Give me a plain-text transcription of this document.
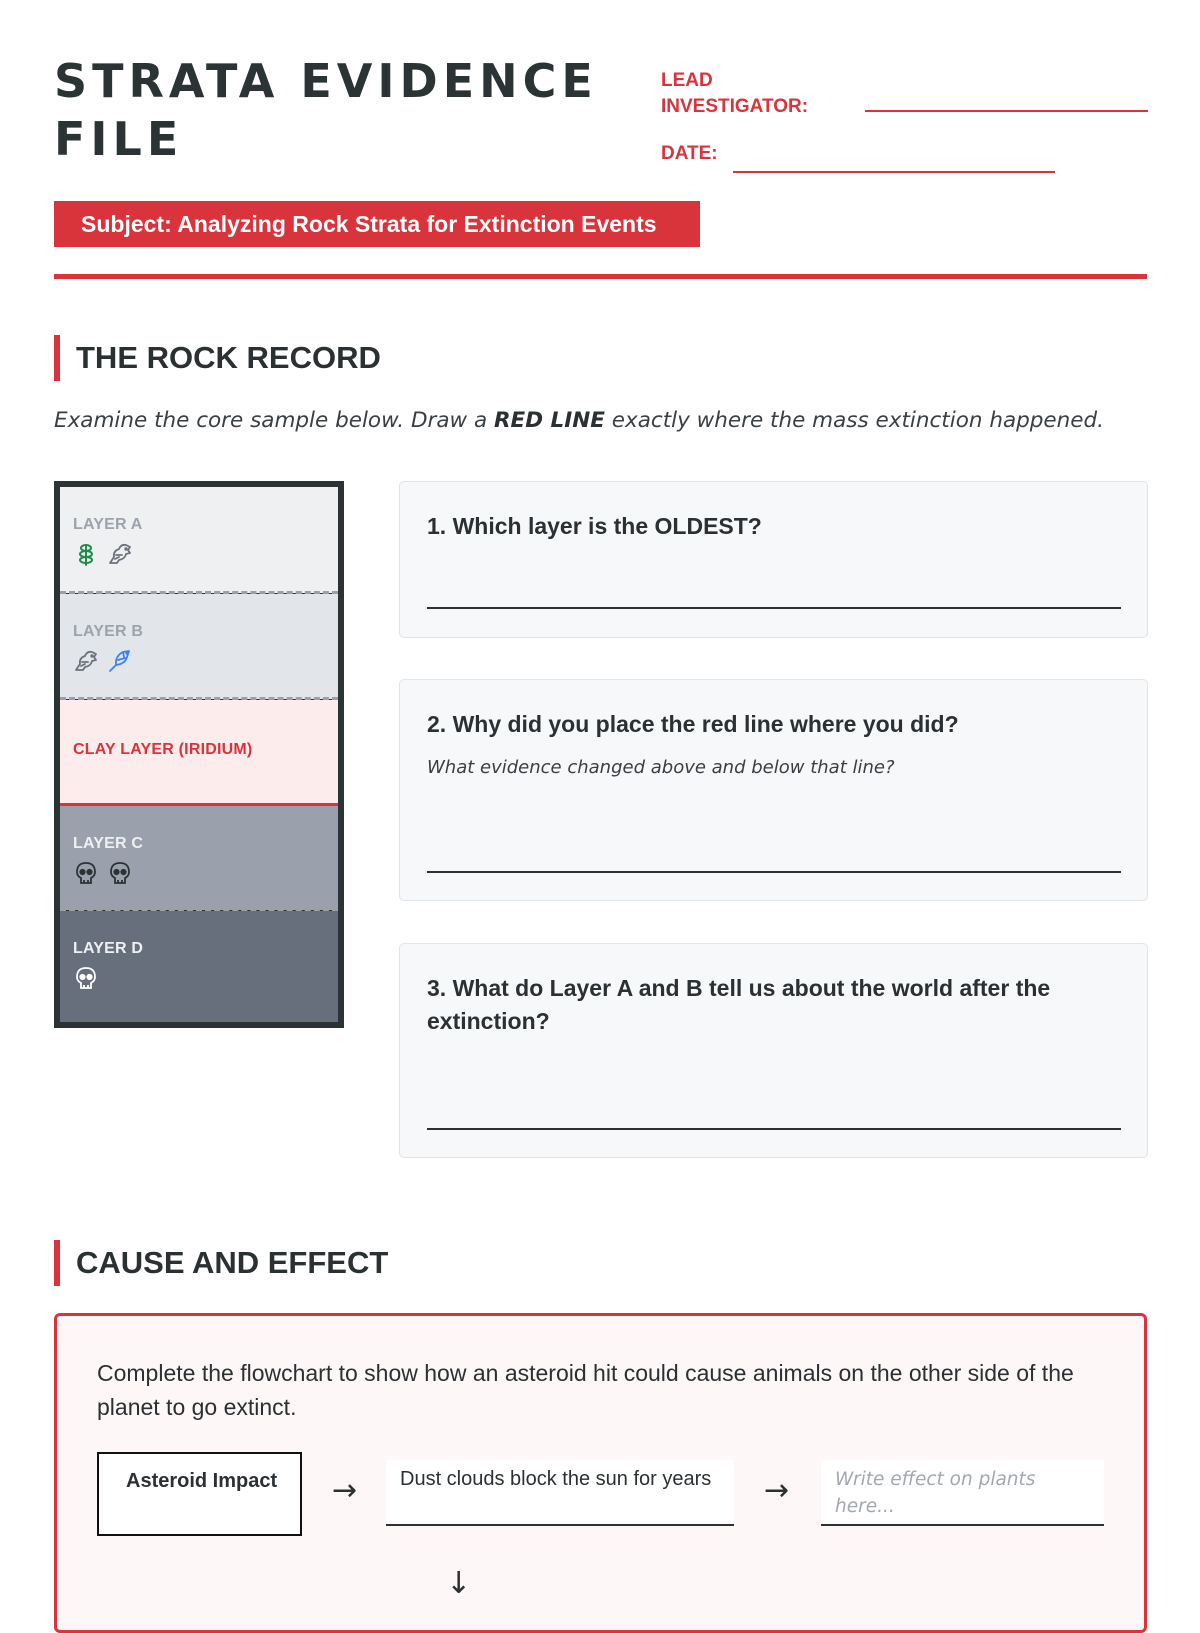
STRATA EVIDENCE FILE
LEAD
INVESTIGATOR:
DATE:
Subject: Analyzing Rock Strata for Extinction Events
THE ROCK RECORD
Examine the core sample below. Draw a RED LINE exactly where the mass extinction happened.
LAYER A
LAYER B
CLAY LAYER (IRIDIUM)
LAYER C
LAYER D
1. Which layer is the OLDEST?
2. Why did you place the red line where you did?
What evidence changed above and below that line?
3. What do Layer A and B tell us about the world after the extinction?
CAUSE AND EFFECT
Complete the flowchart to show how an asteroid hit could cause animals on the other side of the planet to go extinct.
Asteroid Impact	→	Dust clouds block the sun for years	→
Write effect on plants here...
↓
